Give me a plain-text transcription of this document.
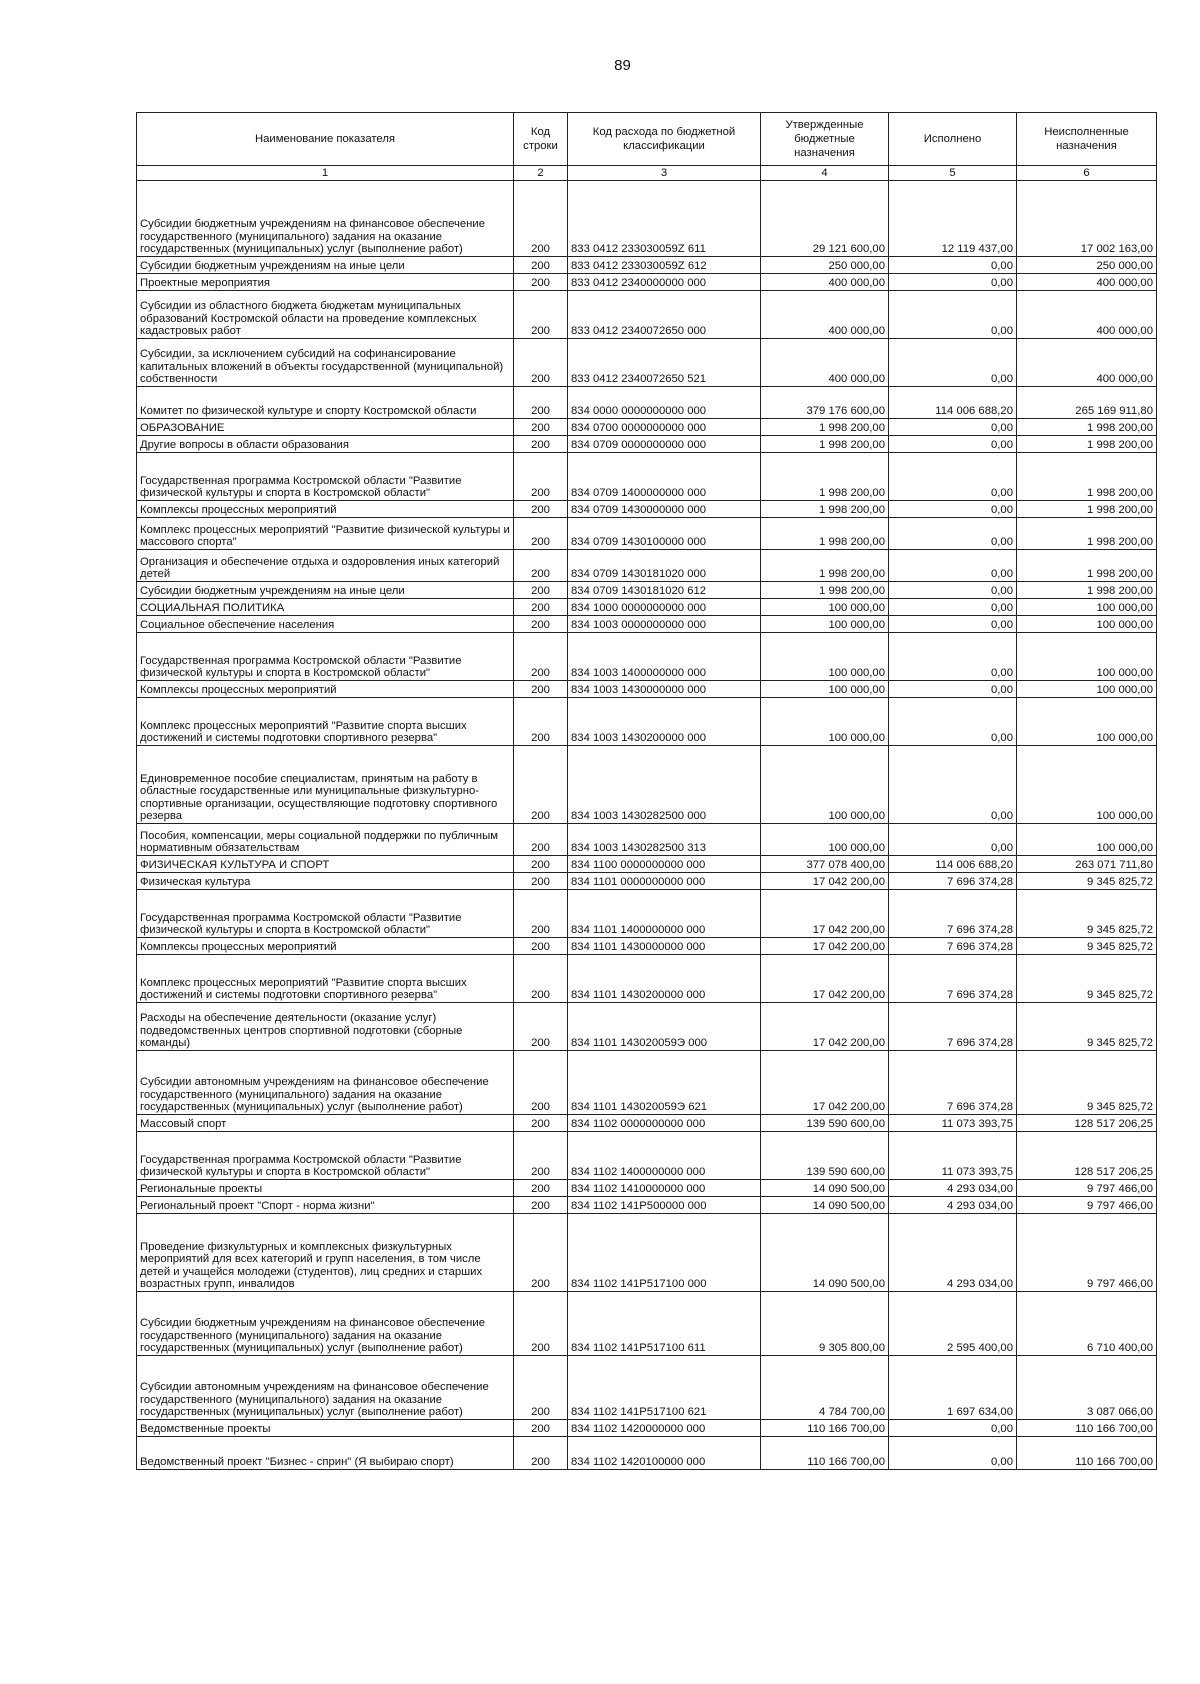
89
Наименование показателя	Код строки	Код расхода по бюджетной классификации	Утвержденные бюджетные назначения	Исполнено	Неисполненные назначения
1	2	3	4	5	6
Субсидии бюджетным учреждениям на финансовое обеспечение государственного (муниципального) задания на оказание государственных (муниципальных) услуг (выполнение работ)	200	833 0412 233030059Z 611	29 121 600,00	12 119 437,00	17 002 163,00
Субсидии бюджетным учреждениям на иные цели	200	833 0412 233030059Z 612	250 000,00	0,00	250 000,00
Проектные мероприятия	200	833 0412 2340000000 000	400 000,00	0,00	400 000,00
Субсидии из областного бюджета бюджетам муниципальных образований Костромской области на проведение комплексных кадастровых работ	200	833 0412 2340072650 000	400 000,00	0,00	400 000,00
Субсидии, за исключением субсидий на софинансирование капитальных вложений в объекты государственной (муниципальной) собственности	200	833 0412 2340072650 521	400 000,00	0,00	400 000,00
Комитет по физической культуре и спорту Костромской области	200	834 0000 0000000000 000	379 176 600,00	114 006 688,20	265 169 911,80
ОБРАЗОВАНИЕ	200	834 0700 0000000000 000	1 998 200,00	0,00	1 998 200,00
Другие вопросы в области образования	200	834 0709 0000000000 000	1 998 200,00	0,00	1 998 200,00
Государственная программа Костромской области "Развитие физической культуры и спорта в Костромской области"	200	834 0709 1400000000 000	1 998 200,00	0,00	1 998 200,00
Комплексы процессных мероприятий	200	834 0709 1430000000 000	1 998 200,00	0,00	1 998 200,00
Комплекс процессных мероприятий "Развитие физической культуры и массового спорта"	200	834 0709 1430100000 000	1 998 200,00	0,00	1 998 200,00
Организация и обеспечение отдыха и оздоровления иных категорий детей	200	834 0709 1430181020 000	1 998 200,00	0,00	1 998 200,00
Субсидии бюджетным учреждениям на иные цели	200	834 0709 1430181020 612	1 998 200,00	0,00	1 998 200,00
СОЦИАЛЬНАЯ ПОЛИТИКА	200	834 1000 0000000000 000	100 000,00	0,00	100 000,00
Социальное обеспечение населения	200	834 1003 0000000000 000	100 000,00	0,00	100 000,00
Государственная программа Костромской области "Развитие физической культуры и спорта в Костромской области"	200	834 1003 1400000000 000	100 000,00	0,00	100 000,00
Комплексы процессных мероприятий	200	834 1003 1430000000 000	100 000,00	0,00	100 000,00
Комплекс процессных мероприятий "Развитие спорта высших достижений и системы подготовки спортивного резерва"	200	834 1003 1430200000 000	100 000,00	0,00	100 000,00
Единовременное пособие специалистам, принятым на работу в областные государственные или муниципальные физкультурно-спортивные организации, осуществляющие подготовку спортивного резерва	200	834 1003 1430282500 000	100 000,00	0,00	100 000,00
Пособия, компенсации, меры социальной поддержки по публичным нормативным обязательствам	200	834 1003 1430282500 313	100 000,00	0,00	100 000,00
ФИЗИЧЕСКАЯ КУЛЬТУРА И СПОРТ	200	834 1100 0000000000 000	377 078 400,00	114 006 688,20	263 071 711,80
Физическая культура	200	834 1101 0000000000 000	17 042 200,00	7 696 374,28	9 345 825,72
Государственная программа Костромской области "Развитие физической культуры и спорта в Костромской области"	200	834 1101 1400000000 000	17 042 200,00	7 696 374,28	9 345 825,72
Комплексы процессных мероприятий	200	834 1101 1430000000 000	17 042 200,00	7 696 374,28	9 345 825,72
Комплекс процессных мероприятий "Развитие спорта высших достижений и системы подготовки спортивного резерва"	200	834 1101 1430200000 000	17 042 200,00	7 696 374,28	9 345 825,72
Расходы на обеспечение деятельности (оказание услуг) подведомственных центров спортивной подготовки (сборные команды)	200	834 1101 143020059Э 000	17 042 200,00	7 696 374,28	9 345 825,72
Субсидии автономным учреждениям на финансовое обеспечение государственного (муниципального) задания на оказание государственных (муниципальных) услуг (выполнение работ)	200	834 1101 143020059Э 621	17 042 200,00	7 696 374,28	9 345 825,72
Массовый спорт	200	834 1102 0000000000 000	139 590 600,00	11 073 393,75	128 517 206,25
Государственная программа Костромской области "Развитие физической культуры и спорта в Костромской области"	200	834 1102 1400000000 000	139 590 600,00	11 073 393,75	128 517 206,25
Региональные проекты	200	834 1102 1410000000 000	14 090 500,00	4 293 034,00	9 797 466,00
Региональный проект "Спорт - норма жизни"	200	834 1102 141P500000 000	14 090 500,00	4 293 034,00	9 797 466,00
Проведение физкультурных и комплексных физкультурных мероприятий для всех категорий и групп населения, в том числе детей и учащейся молодежи (студентов), лиц средних и старших возрастных групп, инвалидов	200	834 1102 141P517100 000	14 090 500,00	4 293 034,00	9 797 466,00
Субсидии бюджетным учреждениям на финансовое обеспечение государственного (муниципального) задания на оказание государственных (муниципальных) услуг (выполнение работ)	200	834 1102 141P517100 611	9 305 800,00	2 595 400,00	6 710 400,00
Субсидии автономным учреждениям на финансовое обеспечение государственного (муниципального) задания на оказание государственных (муниципальных) услуг (выполнение работ)	200	834 1102 141P517100 621	4 784 700,00	1 697 634,00	3 087 066,00
Ведомственные проекты	200	834 1102 1420000000 000	110 166 700,00	0,00	110 166 700,00
Ведомственный проект "Бизнес - cприн" (Я выбираю спорт)	200	834 1102 1420100000 000	110 166 700,00	0,00	110 166 700,00
